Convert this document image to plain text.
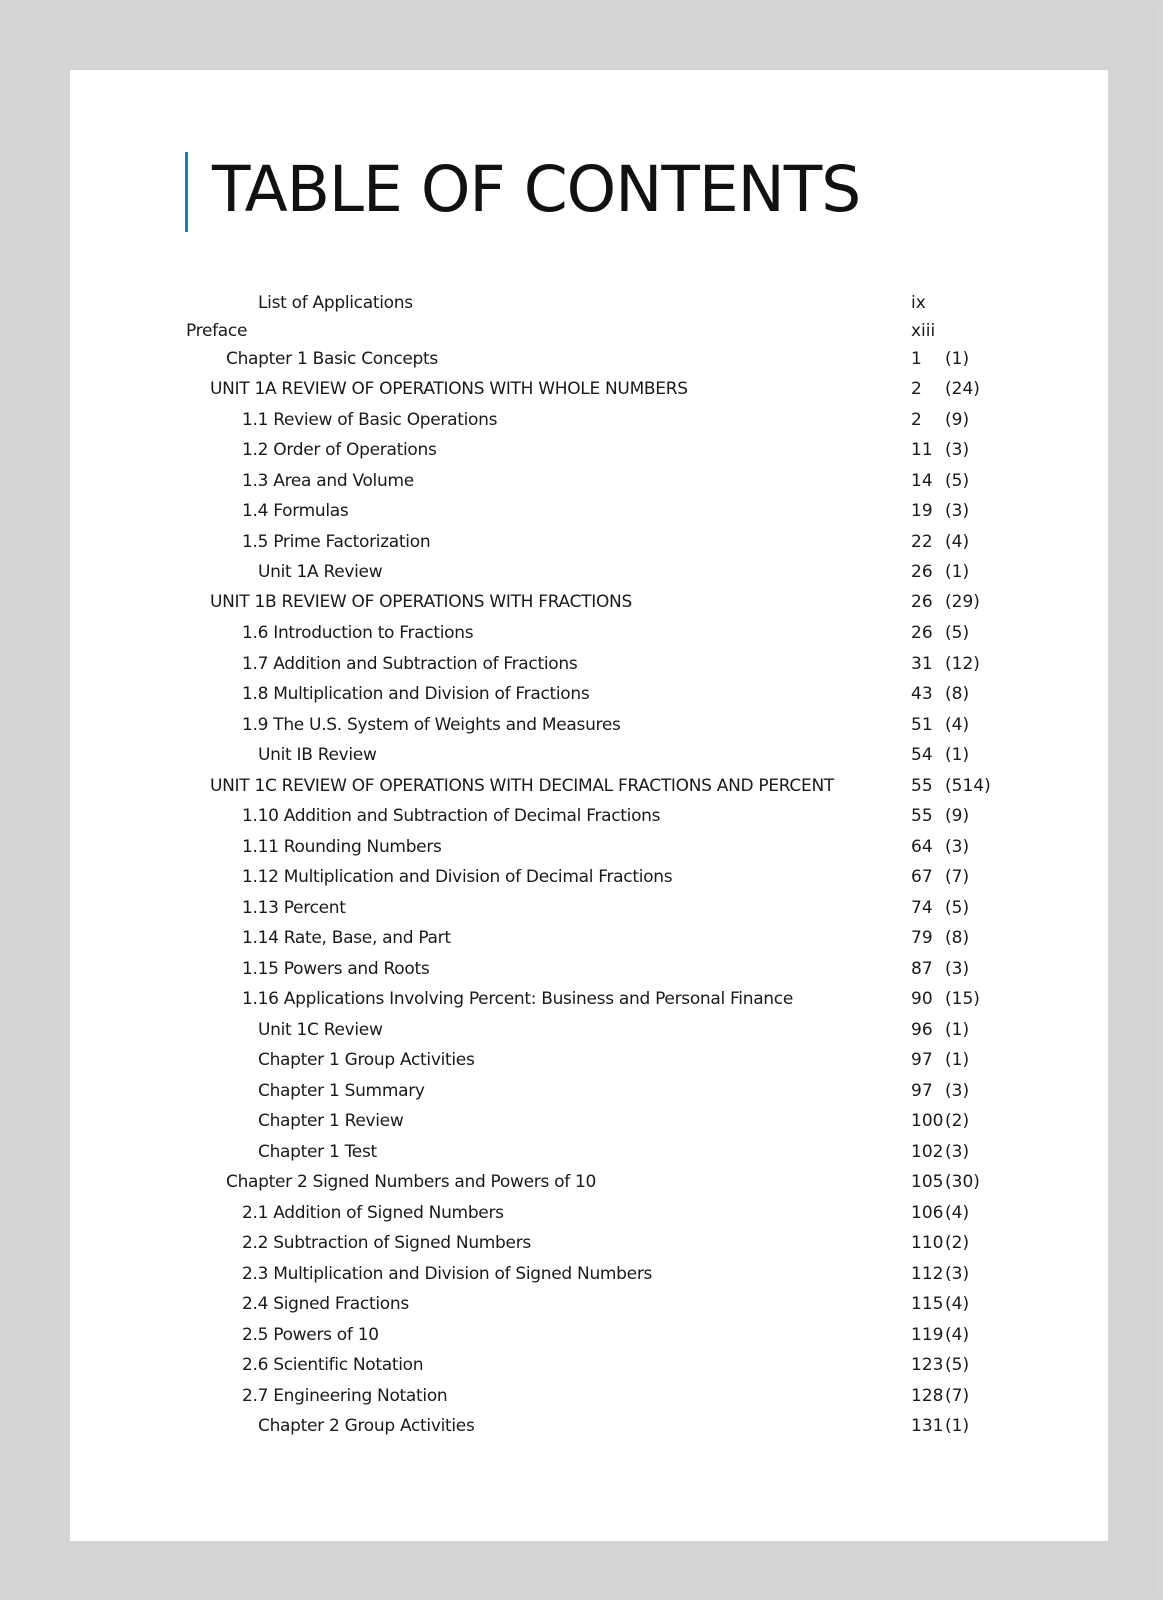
TABLE OF CONTENTS
List of Applications	ix
Preface	xiii
Chapter 1 Basic Concepts	1 (1)
UNIT 1A REVIEW OF OPERATIONS WITH WHOLE NUMBERS	2 (24)
1.1 Review of Basic Operations	2 (9)
1.2 Order of Operations	11 (3)
1.3 Area and Volume	14 (5)
1.4 Formulas	19 (3)
1.5 Prime Factorization	22 (4)
Unit 1A Review	26 (1)
UNIT 1B REVIEW OF OPERATIONS WITH FRACTIONS	26 (29)
1.6 Introduction to Fractions	26 (5)
1.7 Addition and Subtraction of Fractions	31 (12)
1.8 Multiplication and Division of Fractions	43 (8)
1.9 The U.S. System of Weights and Measures	51 (4)
Unit IB Review	54 (1)
UNIT 1C REVIEW OF OPERATIONS WITH DECIMAL FRACTIONS AND PERCENT	55 (514)
1.10 Addition and Subtraction of Decimal Fractions	55 (9)
1.11 Rounding Numbers	64 (3)
1.12 Multiplication and Division of Decimal Fractions	67 (7)
1.13 Percent	74 (5)
1.14 Rate, Base, and Part	79 (8)
1.15 Powers and Roots	87 (3)
1.16 Applications Involving Percent: Business and Personal Finance	90 (15)
Unit 1C Review	96 (1)
Chapter 1 Group Activities	97 (1)
Chapter 1 Summary	97 (3)
Chapter 1 Review	100 (2)
Chapter 1 Test	102 (3)
Chapter 2 Signed Numbers and Powers of 10	105 (30)
2.1 Addition of Signed Numbers	106 (4)
2.2 Subtraction of Signed Numbers	110 (2)
2.3 Multiplication and Division of Signed Numbers	112 (3)
2.4 Signed Fractions	115 (4)
2.5 Powers of 10	119 (4)
2.6 Scientific Notation	123 (5)
2.7 Engineering Notation	128 (7)
Chapter 2 Group Activities	131 (1)
